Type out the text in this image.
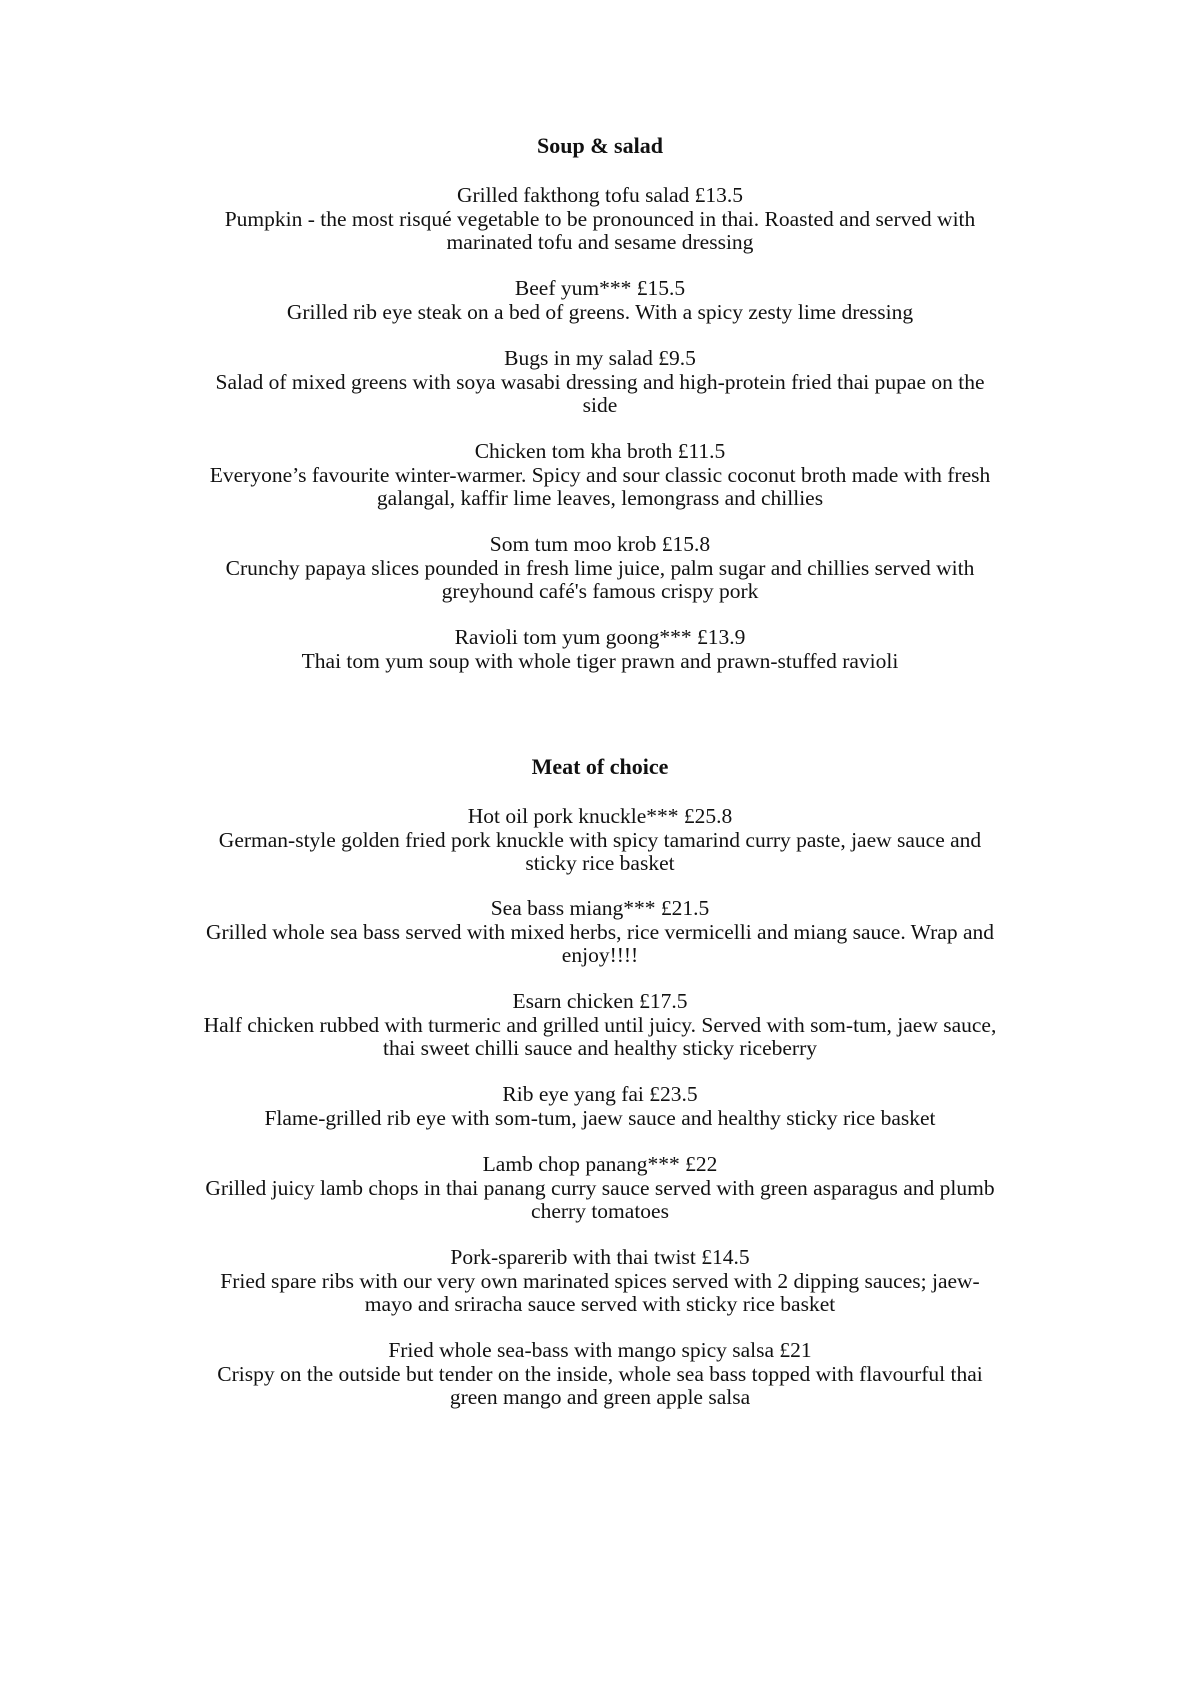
Soup & salad
Grilled fakthong tofu salad £13.5
Pumpkin - the most risqué vegetable to be pronounced in thai. Roasted and served with
marinated tofu and sesame dressing
Beef yum*** £15.5
Grilled rib eye steak on a bed of greens. With a spicy zesty lime dressing
Bugs in my salad £9.5
Salad of mixed greens with soya wasabi dressing and high-protein fried thai pupae on the
side
Chicken tom kha broth £11.5
Everyone’s favourite winter-warmer. Spicy and sour classic coconut broth made with fresh
galangal, kaffir lime leaves, lemongrass and chillies
Som tum moo krob £15.8
Crunchy papaya slices pounded in fresh lime juice, palm sugar and chillies served with
greyhound café's famous crispy pork
Ravioli tom yum goong*** £13.9
Thai tom yum soup with whole tiger prawn and prawn-stuffed ravioli
Meat of choice
Hot oil pork knuckle*** £25.8
German-style golden fried pork knuckle with spicy tamarind curry paste, jaew sauce and
sticky rice basket
Sea bass miang*** £21.5
Grilled whole sea bass served with mixed herbs, rice vermicelli and miang sauce. Wrap and
enjoy!!!!
Esarn chicken £17.5
Half chicken rubbed with turmeric and grilled until juicy. Served with som-tum, jaew sauce,
thai sweet chilli sauce and healthy sticky riceberry
Rib eye yang fai £23.5
Flame-grilled rib eye with som-tum, jaew sauce and healthy sticky rice basket
Lamb chop panang*** £22
Grilled juicy lamb chops in thai panang curry sauce served with green asparagus and plumb
cherry tomatoes
Pork-sparerib with thai twist £14.5
Fried spare ribs with our very own marinated spices served with 2 dipping sauces; jaew-
mayo and sriracha sauce served with sticky rice basket
Fried whole sea-bass with mango spicy salsa £21
Crispy on the outside but tender on the inside, whole sea bass topped with flavourful thai
green mango and green apple salsa
